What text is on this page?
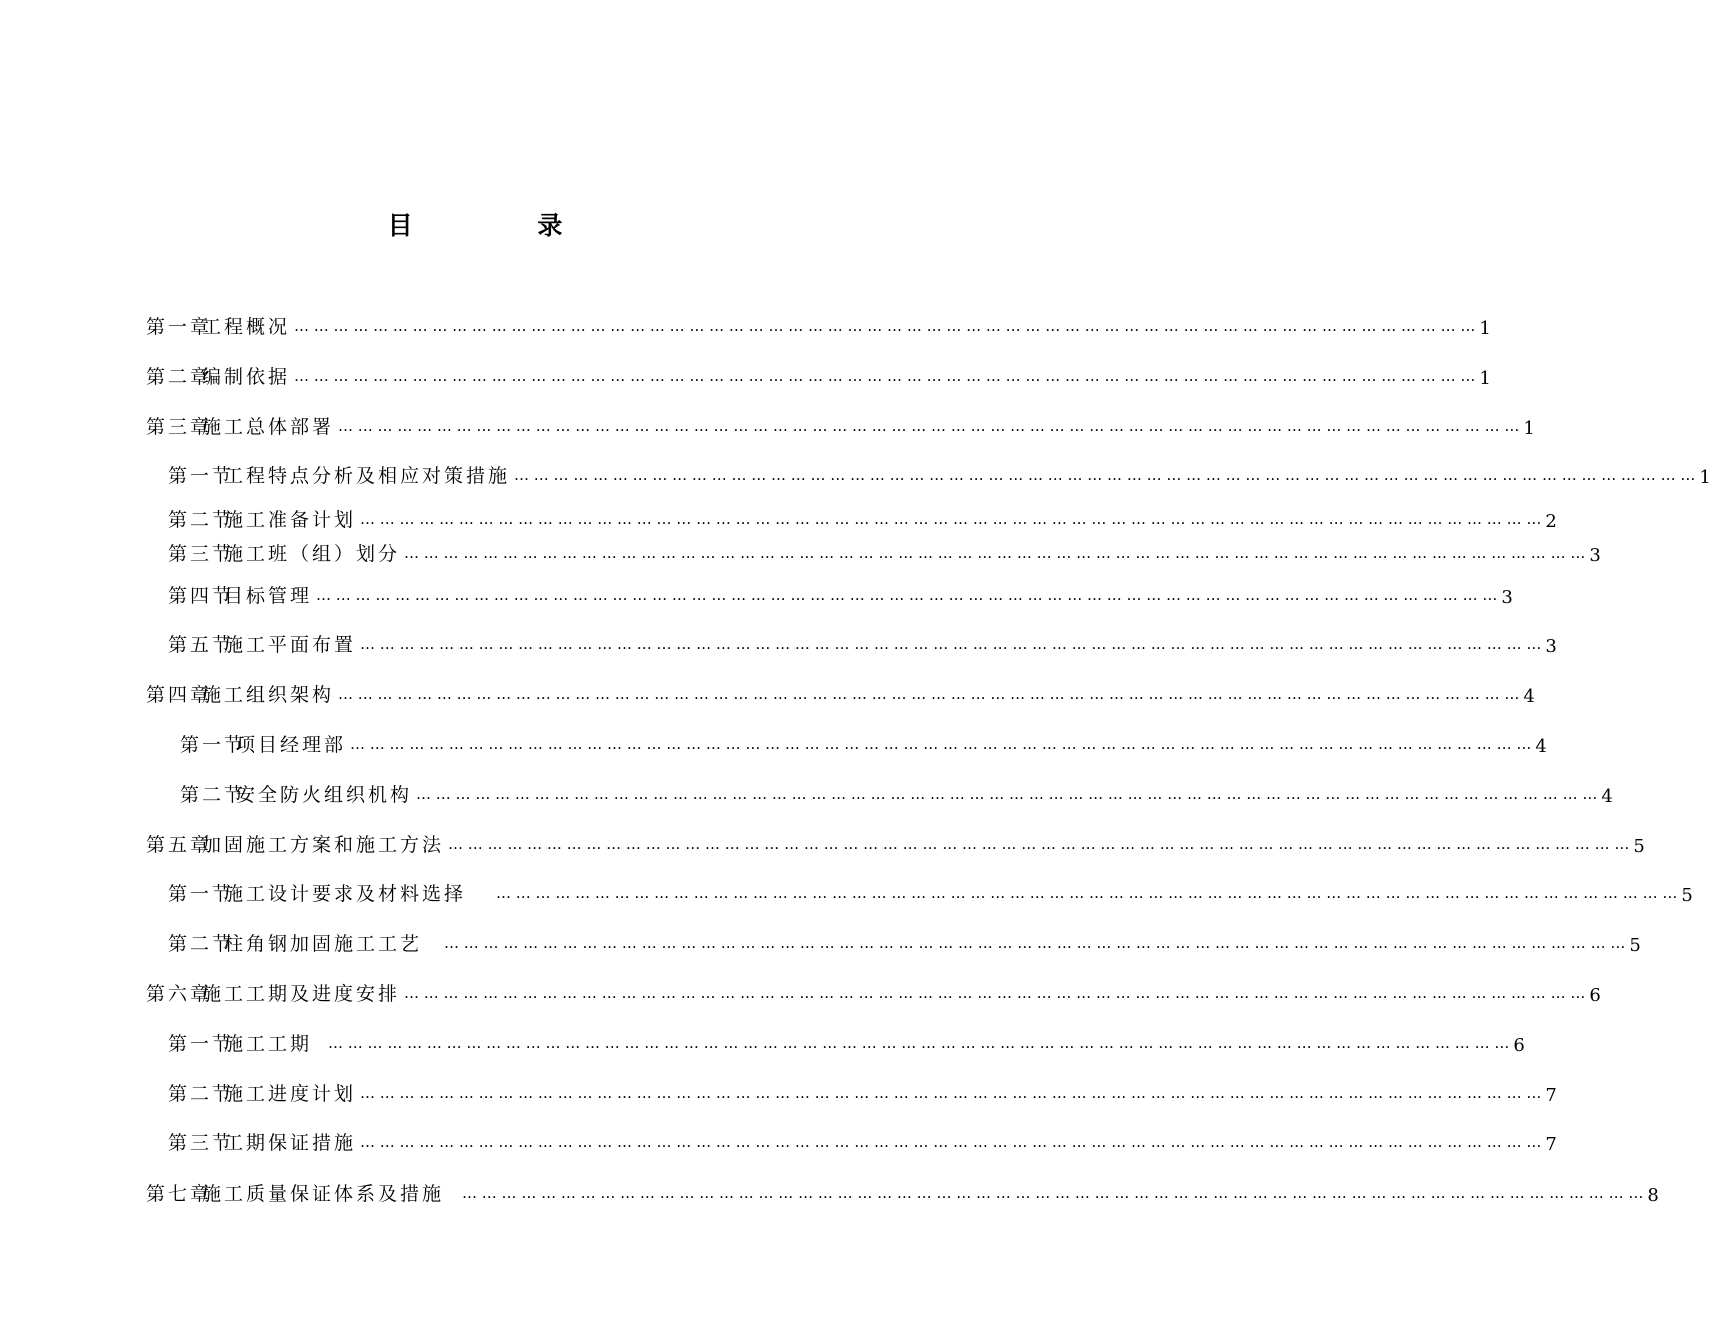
目 录
第一章
工程概况 … … … … … … … … … … … … … … … … … … … … … … … … … … … … … … … … … … … … … … … … … … … … … … … … … … … … … … … … … … … … 1
第二章
编制依据 … … … … … … … … … … … … … … … … … … … … … … … … … … … … … … … … … … … … … … … … … … … … … … … … … … … … … … … … … … … … 1
第三章
施工总体部署 … … … … … … … … … … … … … … … … … … … … … … … … … … … … … … … … … … … … … … … … … … … … … … … … … … … … … … … … … … … … 1
第一节
工程特点分析及相应对策措施 … … … … … … … … … … … … … … … … … … … … … … … … … … … … … … … … … … … … … … … … … … … … … … … … … … … … … … … … … … … … 1
第二节
施工准备计划 … … … … … … … … … … … … … … … … … … … … … … … … … … … … … … … … … … … … … … … … … … … … … … … … … … … … … … … … … … … … 2
第三节
施工班（组）划分 … … … … … … … … … … … … … … … … … … … … … … … … … … … … … … … … … … … … … … … … … … … … … … … … … … … … … … … … … … … … 3
第四节
目标管理 … … … … … … … … … … … … … … … … … … … … … … … … … … … … … … … … … … … … … … … … … … … … … … … … … … … … … … … … … … … … 3
第五节
施工平面布置 … … … … … … … … … … … … … … … … … … … … … … … … … … … … … … … … … … … … … … … … … … … … … … … … … … … … … … … … … … … … 3
第四章
施工组织架构 … … … … … … … … … … … … … … … … … … … … … … … … … … … … … … … … … … … … … … … … … … … … … … … … … … … … … … … … … … … … 4
第一节
项目经理部 … … … … … … … … … … … … … … … … … … … … … … … … … … … … … … … … … … … … … … … … … … … … … … … … … … … … … … … … … … … … 4
第二节
安全防火组织机构 … … … … … … … … … … … … … … … … … … … … … … … … … … … … … … … … … … … … … … … … … … … … … … … … … … … … … … … … … … … … 4
第五章
加固施工方案和施工方法 … … … … … … … … … … … … … … … … … … … … … … … … … … … … … … … … … … … … … … … … … … … … … … … … … … … … … … … … … … … … 5
第一节
施工设计要求及材料选择 … … … … … … … … … … … … … … … … … … … … … … … … … … … … … … … … … … … … … … … … … … … … … … … … … … … … … … … … … … … … 5
第二节
柱角钢加固施工工艺 … … … … … … … … … … … … … … … … … … … … … … … … … … … … … … … … … … … … … … … … … … … … … … … … … … … … … … … … … … … … 5
第六章
施工工期及进度安排 … … … … … … … … … … … … … … … … … … … … … … … … … … … … … … … … … … … … … … … … … … … … … … … … … … … … … … … … … … … … 6
第一节
施工工期 … … … … … … … … … … … … … … … … … … … … … … … … … … … … … … … … … … … … … … … … … … … … … … … … … … … … … … … … … … … … 6
第二节
施工进度计划 … … … … … … … … … … … … … … … … … … … … … … … … … … … … … … … … … … … … … … … … … … … … … … … … … … … … … … … … … … … … 7
第三节
工期保证措施 … … … … … … … … … … … … … … … … … … … … … … … … … … … … … … … … … … … … … … … … … … … … … … … … … … … … … … … … … … … … 7
第七章
施工质量保证体系及措施 … … … … … … … … … … … … … … … … … … … … … … … … … … … … … … … … … … … … … … … … … … … … … … … … … … … … … … … … … … … … 8
